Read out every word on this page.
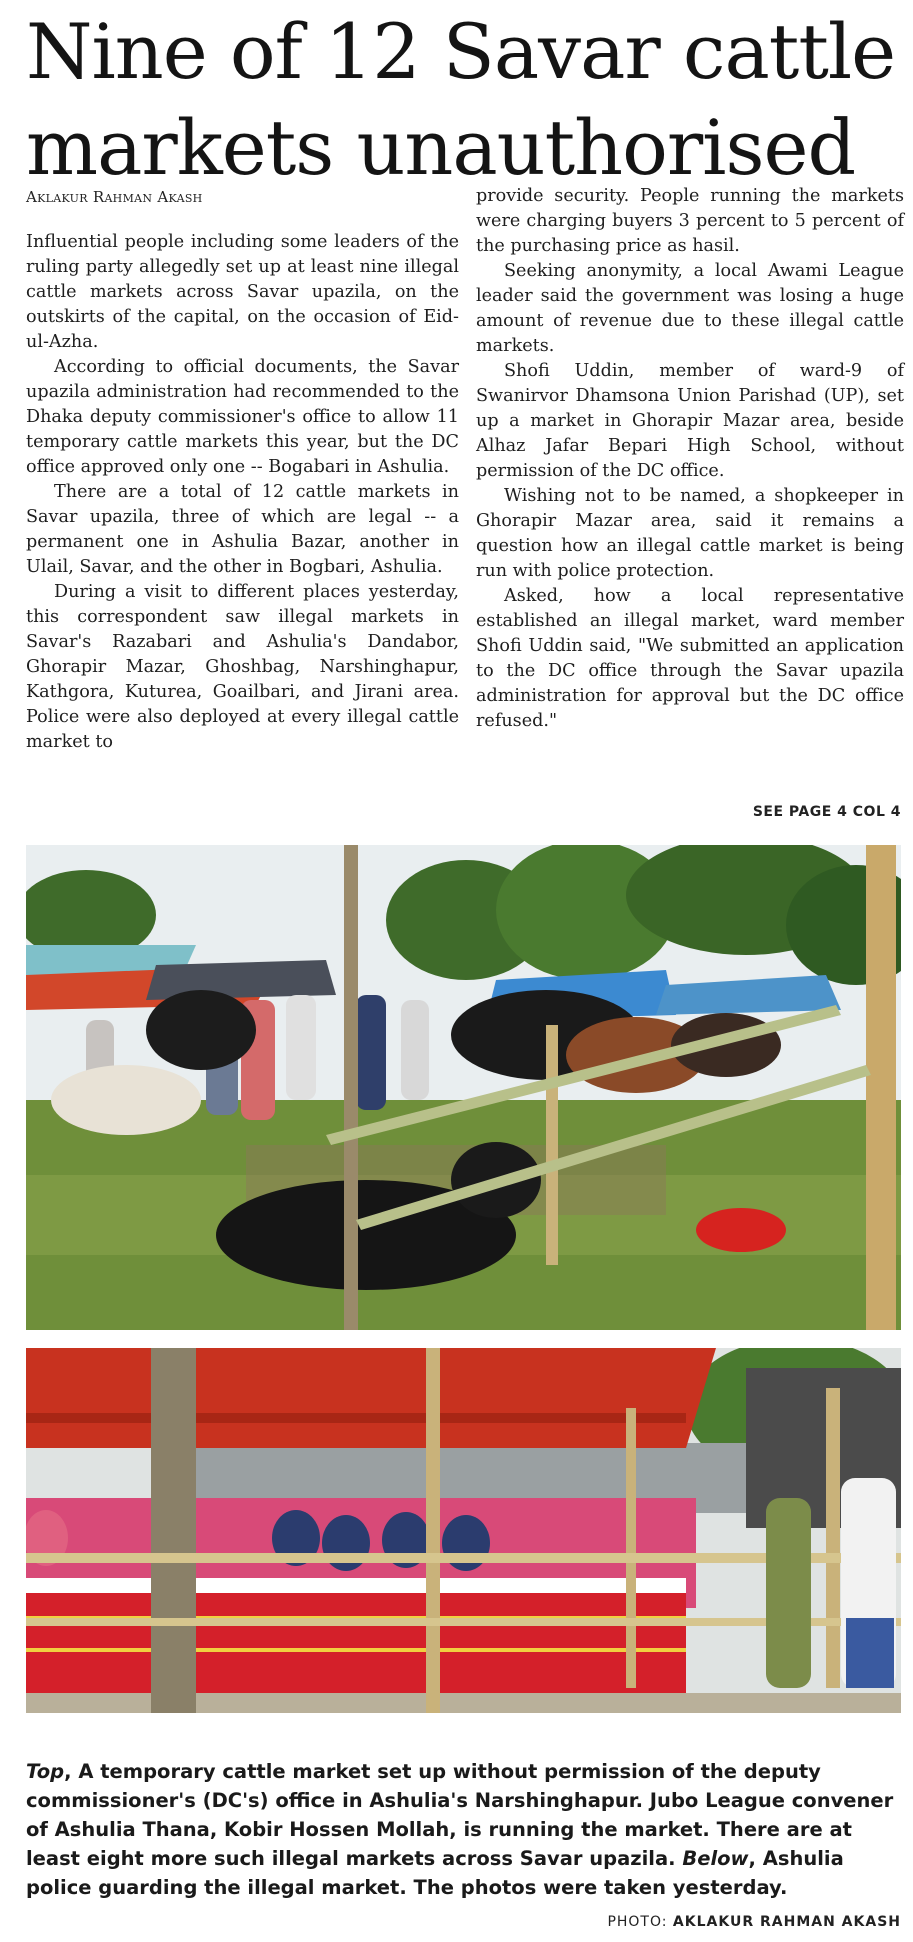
Nine of 12 Savar cattle markets unauthorised
Aklakur Rahman Akash

Influential people including some leaders of the ruling party allegedly set up at least nine illegal cattle markets across Savar upazila, on the outskirts of the capital, on the occasion of Eid-ul-Azha.

According to official documents, the Savar upazila administration had recommended to the Dhaka deputy commissioner's office to allow 11 temporary cattle markets this year, but the DC office approved only one -- Bogabari in Ashulia.

There are a total of 12 cattle markets in Savar upazila, three of which are legal -- a permanent one in Ashulia Bazar, another in Ulail, Savar, and the other in Bogbari, Ashulia.

During a visit to different places yesterday, this correspondent saw illegal markets in Savar's Razabari and Ashulia's Dandabor, Ghorapir Mazar, Ghoshbag, Narshinghapur, Kathgora, Kuturea, Goailbari, and Jirani area. Police were also deployed at every illegal cattle market to

provide security. People running the markets were charging buyers 3 percent to 5 percent of the purchasing price as hasil.

Seeking anonymity, a local Awami League leader said the government was losing a huge amount of revenue due to these illegal cattle markets.

Shofi Uddin, member of ward-9 of Swanirvor Dhamsona Union Parishad (UP), set up a market in Ghorapir Mazar area, beside Alhaz Jafar Bepari High School, without permission of the DC office.

Wishing not to be named, a shopkeeper in Ghorapir Mazar area, said it remains a question how an illegal cattle market is being run with police protection.

Asked, how a local representative established an illegal market, ward member Shofi Uddin said, "We submitted an application to the DC office through the Savar upazila administration for approval but the DC office refused."

SEE PAGE 4 COL 4
Top, A temporary cattle market set up without permission of the deputy commissioner's (DC's) office in Ashulia's Narshinghapur. Jubo League convener of Ashulia Thana, Kobir Hossen Mollah, is running the market. There are at least eight more such illegal markets across Savar upazila. Below, Ashulia police guarding the illegal market. The photos were taken yesterday.
PHOTO: AKLAKUR RAHMAN AKASH
